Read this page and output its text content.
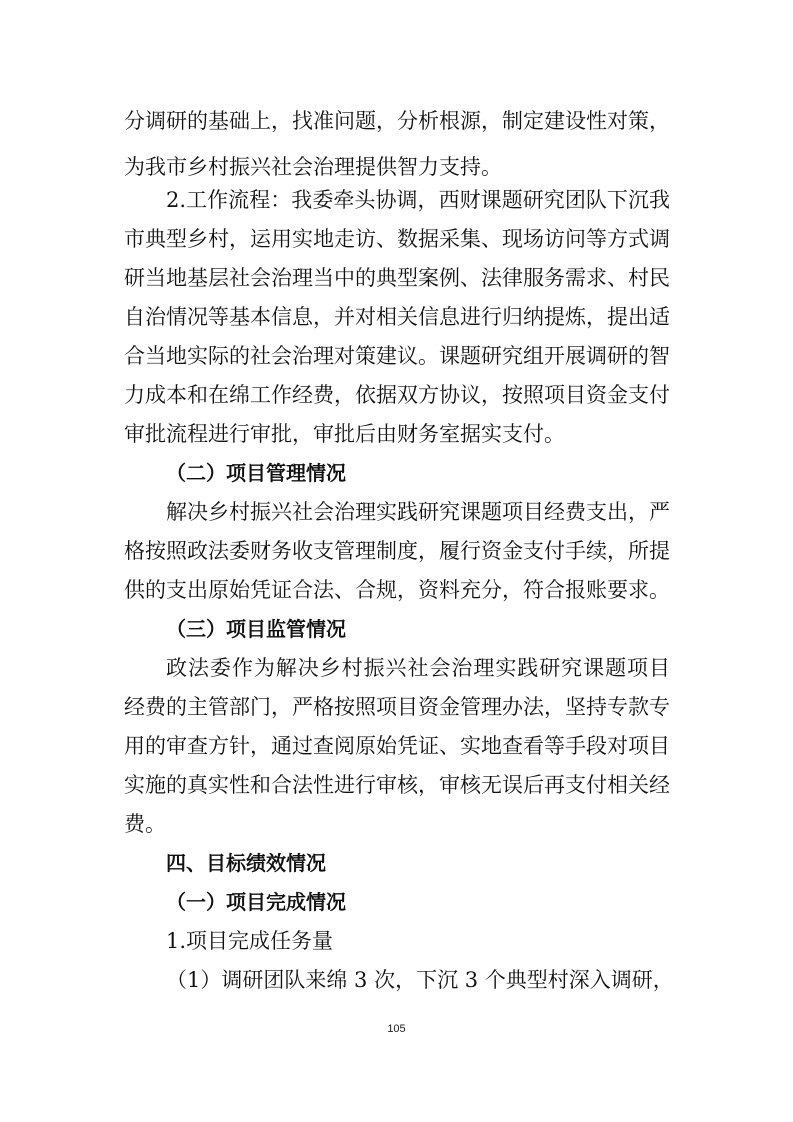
分调研的基础上，找准问题，分析根源，制定建设性对策，
为我市乡村振兴社会治理提供智力支持。
2.工作流程：我委牵头协调，西财课题研究团队下沉我
市典型乡村，运用实地走访、数据采集、现场访问等方式调
研当地基层社会治理当中的典型案例、法律服务需求、村民
自治情况等基本信息，并对相关信息进行归纳提炼，提出适
合当地实际的社会治理对策建议。课题研究组开展调研的智
力成本和在绵工作经费，依据双方协议，按照项目资金支付
审批流程进行审批，审批后由财务室据实支付。
（二）项目管理情况
解决乡村振兴社会治理实践研究课题项目经费支出，严
格按照政法委财务收支管理制度，履行资金支付手续，所提
供的支出原始凭证合法、合规，资料充分，符合报账要求。
（三）项目监管情况
政法委作为解决乡村振兴社会治理实践研究课题项目
经费的主管部门，严格按照项目资金管理办法，坚持专款专
用的审查方针，通过查阅原始凭证、实地查看等手段对项目
实施的真实性和合法性进行审核，审核无误后再支付相关经
费。
四、目标绩效情况
（一）项目完成情况
1.项目完成任务量
（1）调研团队来绵 3 次，下沉 3 个典型村深入调研，
105
